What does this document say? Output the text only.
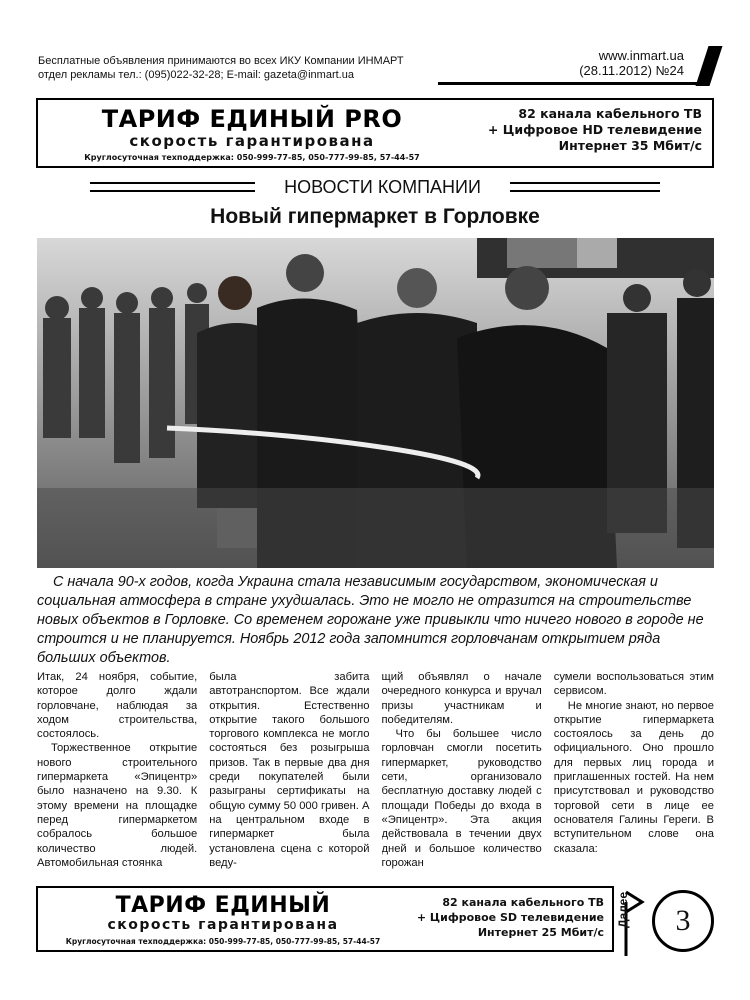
Бесплатные объявления принимаются во всех ИКУ Компании ИНМАРТ
отдел рекламы тел.: (095)022-32-28; E-mail: gazeta@inmart.ua
www.inmart.ua
(28.11.2012) №24
ТАРИФ ЕДИНЫЙ PRO
скорость гарантирована
Круглосуточная техподдержка: 050-999-77-85, 050-777-99-85, 57-44-57
82 канала кабельного ТВ
+ Цифровое HD телевидение
Интернет 35 Мбит/с
НОВОСТИ КОМПАНИИ
Новый гипермаркет в Горловке
С начала 90-х годов, когда Украина стала независимым государством, экономическая и социальная атмосфера в стране ухудшалась. Это не могло не отразится на строительстве новых объектов в Горловке. Со временем горожане уже привыкли что ничего нового в городе не строится и не планируется. Ноябрь 2012 года запомнится горловчанам открытием ряда больших объектов.

Итак, 24 ноября, событие, которое долго ждали горловчане, наблюдая за ходом строительства, состоялось.

Торжественное открытие нового строительного гипермаркета «Эпицентр» было назначено на 9.30. К этому времени на площадке перед гипермаркетом собралось большое количество людей. Автомобильная стоянка

была забита автотранспортом. Все ждали открытия. Естественно открытие такого большого торгового комплекса не могло состояться без розыгрыша призов. Так в первые два дня среди покупателей были разыграны сертификаты на общую сумму 50 000 гривен. А на центральном входе в гипермаркет была установлена сцена с которой веду-

щий объявлял о начале очередного конкурса и вручал призы участникам и победителям.

Что бы большее число горловчан смогли посетить гипермаркет, руководство сети, организовало бесплатную доставку людей с площади Победы до входа в «Эпицентр». Эта акция действовала в течении двух дней и большое количество горожан

сумели воспользоваться этим сервисом.

Не многие знают, но первое открытие гипермаркета состоялось за день до официального. Оно прошло для первых лиц города и приглашенных гостей. На нем присутствовал и руководство торговой сети в лице ее основателя Галины Гереги. В вступительном слове она сказала:

ТАРИФ ЕДИНЫЙ
скорость гарантирована
Круглосуточная техподдержка: 050-999-77-85, 050-777-99-85, 57-44-57
82 канала кабельного ТВ
+ Цифровое SD телевидение
Интернет 25 Мбит/с
Далее	3
